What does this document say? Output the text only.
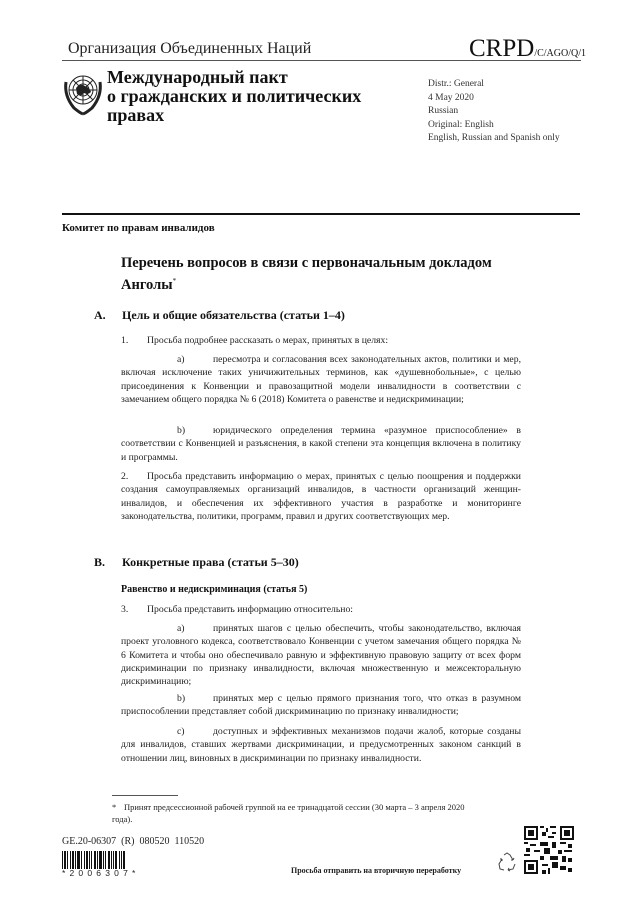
Организация Объединенных Наций	CRPD/C/AGO/Q/1
Международный пакт
о гражданских и политических
правах
Distr.: General
4 May 2020
Russian
Original: English
English, Russian and Spanish only
Комитет по правам инвалидов
Перечень вопросов в связи с первоначальным докладом
Анголы*
A. Цель и общие обязательства (статьи 1–4)
1. Просьба подробнее рассказать о мерах, принятых в целях:
a)	пересмотра и согласования всех законодательных актов, политики и мер, включая исключение таких уничижительных терминов, как «душевнобольные», с целью присоединения к Конвенции и правозащитной модели инвалидности в соответствии с замечанием общего порядка № 6 (2018) Комитета о равенстве и недискриминации;
b)	юридического определения термина «разумное приспособление» в соответствии с Конвенцией и разъяснения, в какой степени эта концепция включена в политику и программы.
2. Просьба представить информацию о мерах, принятых с целью поощрения и поддержки создания самоуправляемых организаций инвалидов, в частности организаций женщин-инвалидов, и обеспечения их эффективного участия в разработке и мониторинге законодательства, политики, программ, правил и других соответствующих мер.
B. Конкретные права (статьи 5–30)
Равенство и недискриминация (статья 5)
3. Просьба представить информацию относительно:
a)	принятых шагов с целью обеспечить, чтобы законодательство, включая проект уголовного кодекса, соответствовало Конвенции с учетом замечания общего порядка № 6 Комитета и чтобы оно обеспечивало равную и эффективную правовую защиту от всех форм дискриминации по признаку инвалидности, включая множественную и межсекторальную дискриминацию;
b)	принятых мер с целью прямого признания того, что отказ в разумном приспособлении представляет собой дискриминацию по признаку инвалидности;
c)	доступных и эффективных механизмов подачи жалоб, которые созданы для инвалидов, ставших жертвами дискриминации, и предусмотренных законом санкций в отношении лиц, виновных в дискриминации по признаку инвалидности.
* Принят предсессионной рабочей группой на ее тринадцатой сессии (30 марта – 3 апреля 2020 года).
GE.20-06307  (R)  080520  110520
*2006307*	Просьба отправить на вторичную переработку
